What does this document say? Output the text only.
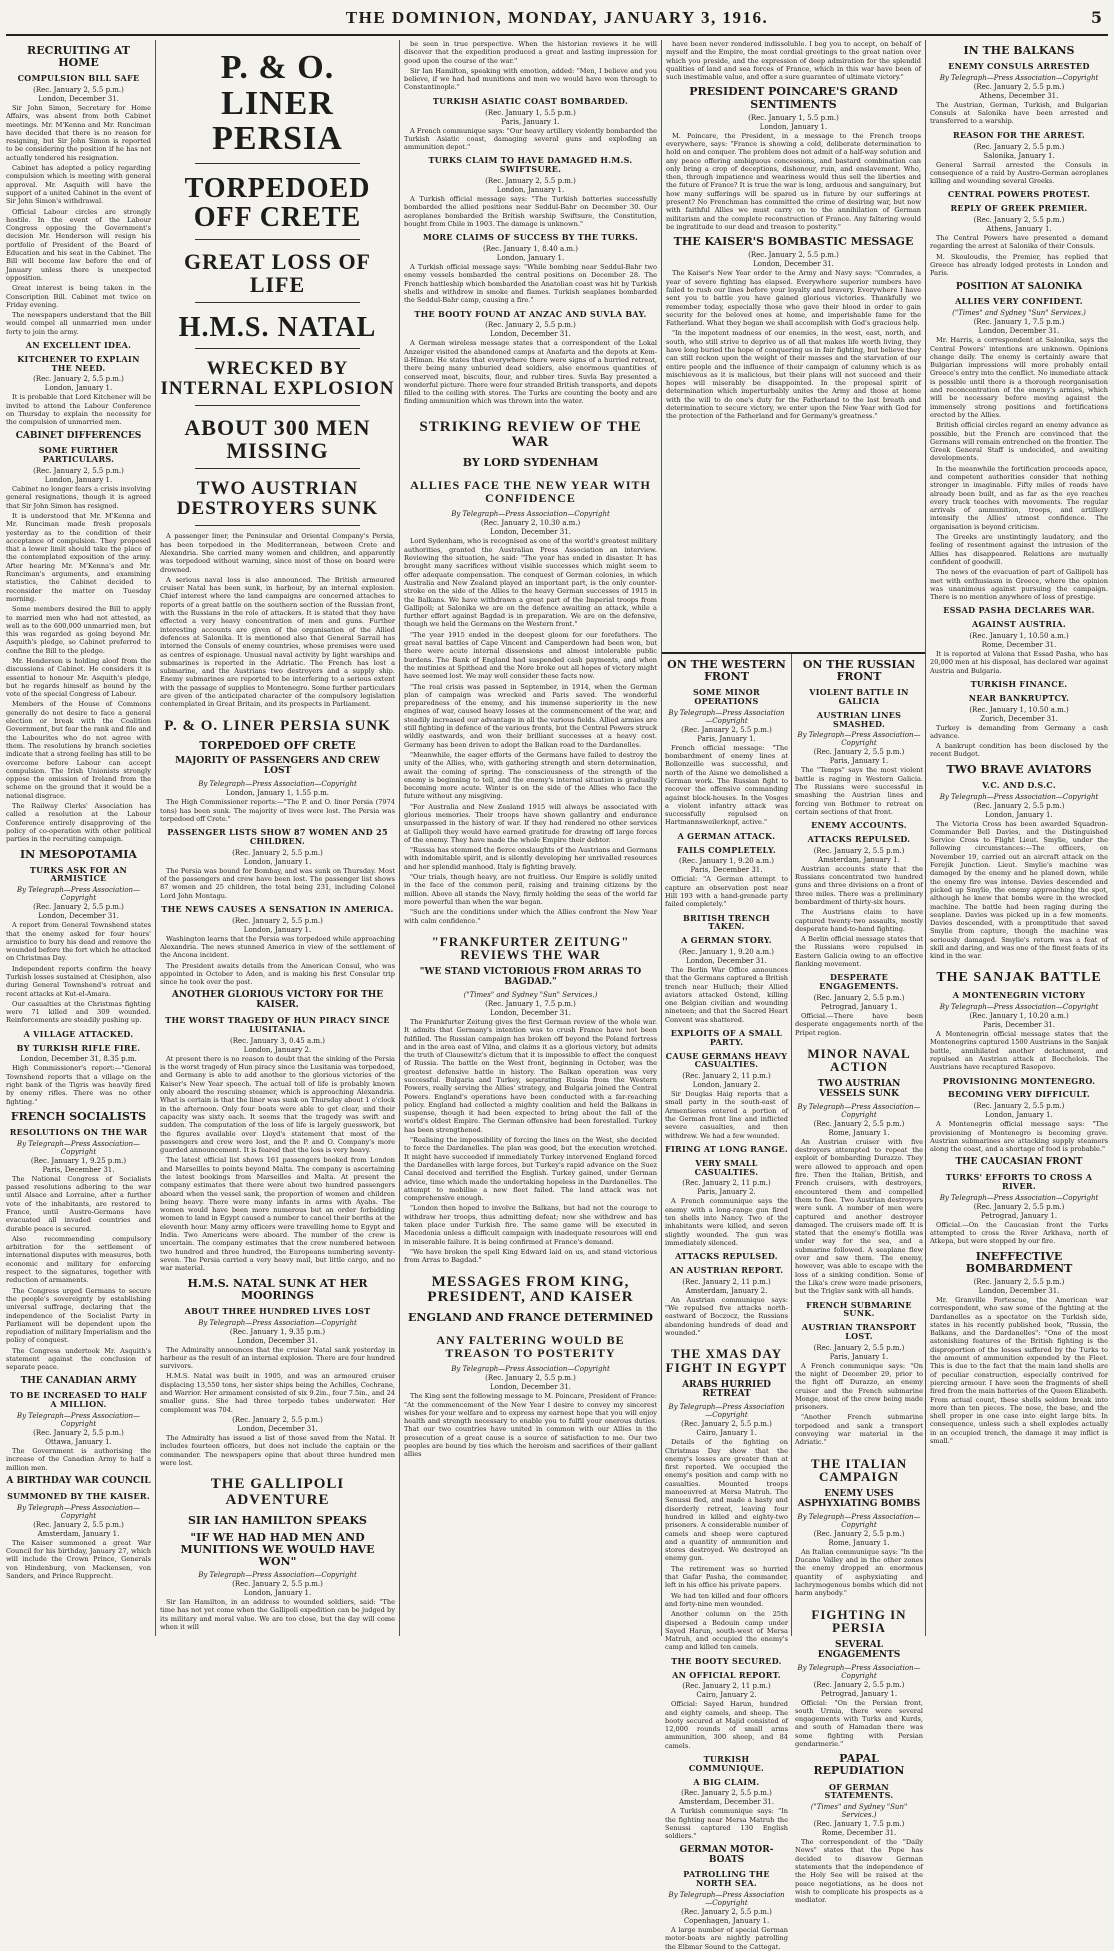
THE DOMINION, MONDAY, JANUARY 3, 1916.	5
RECRUITING AT HOME
COMPULSION BILL SAFE
(Rec. January 2, 5.5 p.m.)
London, December 31.

Sir John Simon, Secretary for Home Affairs, was absent from both Cabinet meetings. Mr. M'Kenna and Mr. Runciman have decided that there is no reason for resigning, but Sir John Simon is reported to be considering the position if he has not actually tendered his resignation.

Cabinet has adopted a policy regarding compulsion which is meeting with general approval. Mr. Asquith will have the support of a united Cabinet in the event of Sir John Simon's withdrawal.

Official Labour circles are strongly hostile. In the event of the Labour Congress opposing the Government's decision Mr. Henderson will resign his portfolio of President of the Board of Education and his seat in the Cabinet. The Bill will become law before the end of January unless there is unexpected opposition.

Great interest is being taken in the Conscription Bill. Cabinet met twice on Friday evening.

The newspapers understand that the Bill would compel all unmarried men under forty to join the army.

AN EXCELLENT IDEA.
KITCHENER TO EXPLAIN THE NEED.
(Rec. January 2, 5.5 p.m.)
London, January 1.

It is probable that Lord Kitchener will be invited to attend the Labour Conference on Thursday to explain the necessity for the compulsion of unmarried men.

CABINET DIFFERENCES
SOME FURTHER PARTICULARS.
(Rec. January 2, 5.5 p.m.)
London, January 1.

Cabinet no longer fears a crisis involving general resignations, though it is agreed that Sir John Simon has resigned.

It is understood that Mr. M'Kenna and Mr. Runciman made fresh proposals yesterday as to the condition of their acceptance of compulsion. They proposed that a lower limit should take the place of the contemplated exposition of the army. After hearing Mr. M'Kenna's and Mr. Runciman's arguments, and examining statistics, the Cabinet decided to reconsider the matter on Tuesday morning.

Some members desired the Bill to apply to married men who had not attested, as well as to the 600,000 unmarried men, but this was regarded as going beyond Mr. Asquith's pledge, so Cabinet preferred to confine the Bill to the pledge.

Mr. Henderson is holding aloof from the discussions of Cabinet. He considers it is essential to honour Mr. Asquith's pledge, but he regards himself as bound by the vote of the special Congress of Labour.

Members of the House of Commons generally do not desire to face a general election or break with the Coalition Government, but fear the rank and file and the Labourites who do not agree with them. The resolutions by branch societies indicate that a strong feeling has still to be overcome before Labour can accept compulsion. The Irish Unionists strongly oppose the omission of Ireland from the scheme on the ground that it would be a national disgrace.

The Railway Clerks' Association has called a resolution at the Labour Conference entirely disapproving of the policy of co-operation with other political parties in the recruiting campaign.

IN MESOPOTAMIA
TURKS ASK FOR AN ARMISTICE
By Telegraph—Press Association—Copyright
(Rec. January 2, 5.5 p.m.)
London, December 31.

A report from General Townshend states that the enemy asked for four hours' armistice to bury his dead and remove the wounded before the fort which he attacked on Christmas Day.

Independent reports confirm the heavy Turkish losses sustained at Ctesiphon, also during General Townshend's retreat and recent attacks at Kut-el-Amara.

Our casualties at the Christmas fighting were 71 killed and 309 wounded. Reinforcements are steadily pushing up.

A VILLAGE ATTACKED.
BY TURKISH RIFLE FIRE.
London, December 31, 8.35 p.m.

High Commissioner's report:—"General Townshend reports that a village on the right bank of the Tigris was heavily fired by enemy rifles. There was no other fighting."

FRENCH SOCIALISTS
RESOLUTIONS ON THE WAR
By Telegraph—Press Association—Copyright
(Rec. January 1, 9.25 p.m.)
Paris, December 31.

The National Congress of Socialists passed resolutions adhering to the war until Alsace and Lorraine, after a further vote of the inhabitants, are restored to France, until Austro-Germans have evacuated all invaded countries and durable peace is secured.

Also recommending compulsory arbitration for the settlement of international disputes with measures, both economic and military for enforcing respect to the signatures, together with reduction of armaments.

The Congress urged Germans to secure the people's sovereignty by establishing universal suffrage, declaring that the independence of the Socialist Party in Parliament will be dependent upon the repudiation of military Imperialism and the policy of conquest.

The Congress undertook Mr. Asquith's statement against the conclusion of separate peace.

THE CANADIAN ARMY
TO BE INCREASED TO HALF A MILLION.
By Telegraph—Press Association—Copyright
(Rec. January 2, 5.5 p.m.)
Ottawa, January 1.

The Government is authorising the increase of the Canadian Army to half a million men.

A BIRTHDAY WAR COUNCIL
SUMMONED BY THE KAISER.
By Telegraph—Press Association—Copyright
(Rec. January 2, 5.5 p.m.)
Amsterdam, January 1.

The Kaiser summoned a great War Council for his birthday, January 27, which will include the Crown Prince, Generals von Hindenburg, von Mackensen, von Sanders, and Prince Rupprecht.

P. & O. LINER PERSIA
TORPEDOED OFF CRETE
GREAT LOSS OF LIFE
H.M.S. NATAL
WRECKED BY INTERNAL EXPLOSION
ABOUT 300 MEN MISSING
TWO AUSTRIAN DESTROYERS SUNK

A passenger liner, the Peninsular and Oriental Company's Persia, has been torpedoed in the Mediterranean, between Crete and Alexandria. She carried many women and children, and apparently was torpedoed without warning, since most of those on board were drowned.

A serious naval loss is also announced. The British armoured cruiser Natal has been sunk, in harbour, by an internal explosion. Chief interest where the land campaigns are concerned attaches to reports of a great battle on the southern section of the Russian front, with the Russians in the role of attackers. It is stated that they have effected a very heavy concentration of men and guns. Further interesting accounts are given of the organisation of the Allied defences at Salonika. It is mentioned also that General Sarrail has interned the Consuls of enemy countries, whose premises were used as centres of espionage. Unusual naval activity by light warships and submarines is reported in the Adriatic. The French has lost a submarine, and the Austrians two destroyers and a supply ship. Enemy submarines are reported to be interfering to a serious extent with the passage of supplies to Montenegro. Some further particulars are given of the anticipated character of the compulsory legislation contemplated in Great Britain, and its prospects in Parliament.

P. & O. LINER PERSIA SUNK
TORPEDOED OFF CRETE
MAJORITY OF PASSENGERS AND CREW LOST
By Telegraph—Press Association—Copyright
London, January 1, 1.55 p.m.

The High Commissioner reports:—"The P. and O. liner Persia (7974 tons) has been sunk. The majority of lives were lost. The Persia was torpedoed off Crete."

PASSENGER LISTS SHOW 87 WOMEN AND 25 CHILDREN.
(Rec. January 2, 5.5 p.m.)
London, January 1.

The Persia was bound for Bombay, and was sunk on Thursday. Most of the passengers and crew have been lost. The passenger list shows 87 women and 25 children, the total being 231, including Colonel Lord John Montagu.

THE NEWS CAUSES A SENSATION IN AMERICA.
(Rec. January 2, 5.5 p.m.)
London, January 1.

Washington learns that the Persia was torpedoed while approaching Alexandria. The news stunned America in view of the settlement of the Ancona incident.

The President awaits details from the American Consul, who was appointed in October to Aden, and is making his first Consular trip since he took over the post.

ANOTHER GLORIOUS VICTORY FOR THE KAISER.
THE WORST TRAGEDY OF HUN PIRACY SINCE LUSITANIA.
(Rec. January 3, 0.45 a.m.)
London, January 2.

At present there is no reason to doubt that the sinking of the Persia is the worst tragedy of Hun piracy since the Lusitania was torpedoed, and Germany is able to add another to the glorious victories of the Kaiser's New Year speech. The actual toll of life is probably known only aboard the rescuing steamer, which is approaching Alexandria. What is certain is that the liner was sunk on Thursday about 1 o'clock in the afternoon. Only four boats were able to get clear, and their capacity was sixty each. It seems that the tragedy was swift and sudden. The computation of the loss of life is largely guesswork, but the figures available over Lloyd's statement that most of the passengers and crew were lost, and the P. and O. Company's more guarded announcement. It is feared that the loss is very heavy.

The latest official list shows 161 passengers booked from London and Marseilles to points beyond Malta. The company is ascertaining the latest bookings from Marseilles and Malta. At present the company estimates that there were about two hundred passengers aboard when the vessel sank, the proportion of women and children being heavy. There were many infants in arms with Ayahs. The women would have been more numerous but an order forbidding women to land in Egypt caused a number to cancel their berths at the eleventh hour. Many army officers were travelling home to Egypt and India. Two Americans were aboard. The number of the crew is uncertain. The company estimates that the crew numbered between two hundred and three hundred, the Europeans numbering seventy-seven. The Persia carried a very heavy mail, but little cargo, and no war material.

H.M.S. NATAL SUNK AT HER MOORINGS
ABOUT THREE HUNDRED LIVES LOST
By Telegraph—Press Association—Copyright
(Rec. January 1, 9.35 p.m.)
London, December 31.

The Admiralty announces that the cruiser Natal sank yesterday in harbour as the result of an internal explosion. There are four hundred survivors.

H.M.S. Natal was built in 1905, and was an armoured cruiser displacing 13,550 tons, her sister ships being the Achilles, Cochrane, and Warrior. Her armament consisted of six 9.2in., four 7.5in., and 24 smaller guns. She had three torpedo tubes underwater. Her complement was 704.

(Rec. January 2, 5.5 p.m.)
London, December 31.

The Admiralty has issued a list of those saved from the Natal. It includes fourteen officers, but does not include the captain or the commander. The newspapers opine that about three hundred men were lost.

THE GALLIPOLI ADVENTURE
SIR IAN HAMILTON SPEAKS
"IF WE HAD HAD MEN AND MUNITIONS WE WOULD HAVE WON"
By Telegraph—Press Association—Copyright
(Rec. January 2, 5.5 p.m.)
London, January 1.

Sir Ian Hamilton, in an address to wounded soldiers, said: "The time has not yet come when the Gallipoli expedition can be judged by its military and moral value. We are too close, but the day will come when it will

be seen in true perspective. When the historian reviews it he will discover that the expedition produced a great and lasting impression for good upon the course of the war."

Sir Ian Hamilton, speaking with emotion, added: "Men, I believe and you believe, if we had had munitions and men we would have won through to Constantinople."

TURKISH ASIATIC COAST BOMBARDED.
(Rec. January 1, 5.5 p.m.)
Paris, January 1.

A French communique says: "Our heavy artillery violently bombarded the Turkish Asiatic coast, damaging several guns and exploding an ammunition depot."

TURKS CLAIM TO HAVE DAMAGED H.M.S. SWIFTSURE.
(Rec. January 2, 5.5 p.m.)
London, January 1.

A Turkish official message says: "The Turkish batteries successfully bombarded the allied positions near Seddul-Bahr on December 30. Our aeroplanes bombarded the British warship Swiftsure, the Constitution, bought from Chile in 1903. The damage is unknown."

MORE CLAIMS OF SUCCESS BY THE TURKS.
(Rec. January 1, 8.40 a.m.)
London, January 1.

A Turkish official message says: "While bombing near Seddul-Bahr two enemy vessels bombarded the central positions on December 28. The French battleship which bombarded the Anatolian coast was hit by Turkish shells and withdrew in smoke and flames. Turkish seaplanes bombarded the Seddul-Bahr camp, causing a fire."

THE BOOTY FOUND AT ANZAC AND SUVLA BAY.
(Rec. January 2, 5.5 p.m.)
London, December 31.

A German wireless message states that a correspondent of the Lokal Anzeiger visited the abandoned camps at Anafarta and the depots at Kem-il-Himan. He states that everywhere there were signs of a hurried retreat, there being many unburied dead soldiers, also enormous quantities of conserved meat, biscuits, flour, and rubber tires. Suvla Bay presented a wonderful picture. There were four stranded British transports, and depots filled to the ceiling with stores. The Turks are counting the booty and are finding ammunition which was thrown into the water.

STRIKING REVIEW OF THE WAR
BY LORD SYDENHAM
ALLIES FACE THE NEW YEAR WITH CONFIDENCE
By Telegraph—Press Association—Copyright
(Rec. January 2, 10.30 a.m.)
London, December 31.

Lord Sydenham, who is recognised as one of the world's greatest military authorities, granted the Australian Press Association an interview. Reviewing the situation, he said: "The year has ended in disaster. It has brought many sacrifices without visible successes which might seem to offer adequate compensation. The conquest of German colonies, in which Australia and New Zealand played an important part, is the only counter-stroke on the side of the Allies to the heavy German successes of 1915 in the Balkans. We have withdrawn a great part of the Imperial troops from Gallipoli; at Salonika we are on the defence awaiting an attack, while a further effort against Bagdad is in preparation. We are on the defensive, though we held the Germans on the Western front."

"The year 1915 ended in the deepest gloom for our forefathers. The great naval battles of Cape Vincent and Camperdown had been won, but there were acute internal dissensions and almost intolerable public burdens. The Bank of England had suspended cash payments, and when the mutinies at Spithead and the Nore broke out all hopes of victory might have seemed lost. We may well consider these facts now.

"The real crisis was passed in September, in 1914, when the German plan of campaign was wrecked and Paris saved. The wonderful preparedness of the enemy, and his immense superiority in the new engines of war, caused heavy losses at the commencement of the war, and steadily increased our advantage in all the various fields. Allied armies are still fighting in defence of the various fronts, but the Central Powers struck wildly eastwards, and won their brilliant successes at a heavy cost. Germany has been driven to adopt the Balkan road to the Dardanelles.

"Meanwhile, the eager efforts of the Germans have failed to destroy the unity of the Allies, who, with gathering strength and stern determination, await the coming of spring. The consciousness of the strength of the enemy is beginning to tell, and the enemy's internal situation is gradually becoming more acute. Winter is on the side of the Allies who face the future without any misgiving.

"For Australia and New Zealand 1915 will always be associated with glorious memories. Their troops have shown gallantry and endurance unsurpassed in the history of war. If they had rendered no other services at Gallipoli they would have earned gratitude for drawing off large forces of the enemy. They have made the whole Empire their debtor.

"Russia has stemmed the fierce onslaughts of the Austrians and Germans with indomitable spirit, and is silently developing her unrivalled resources and her splendid manhood. Italy is fighting bravely.

"Our trials, though heavy, are not fruitless. Our Empire is solidly united in the face of the common peril, raising and training citizens by the million. Above all stands the Navy, firmly holding the seas of the world far more powerful than when the war began.

"Such are the conditions under which the Allies confront the New Year with calm confidence."

"FRANKFURTER ZEITUNG" REVIEWS THE WAR
"WE STAND VICTORIOUS FROM ARRAS TO BAGDAD."
("Times" and Sydney "Sun" Services.)
(Rec. January 1, 7.5 p.m.)
London, December 31.

The Frankfurter Zeitung gives the first German review of the whole war. It admits that Germany's intention was to crush France have not been fulfilled. The Russian campaign has broken off beyond the Poland fortress and in the area east of Vilna, and claims it as a glorious victory, but admits the truth of Clausewitz's dictum that it is impossible to effect the conquest of Russia. The battle on the West front, beginning in October, was the greatest defensive battle in history. The Balkan operation was very successful. Bulgaria and Turkey, separating Russia from the Western Powers, really serving the Allies' strategy, and Bulgaria joined the Central Powers. England's operations have been conducted with a far-reaching policy. England had collected a mighty coalition and held the Balkans in suspense, though it had been expected to bring about the fall of the world's oldest Empire. The German offensive had been forestalled. Turkey has been strengthened.

"Realising the impossibility of forcing the lines on the West, she decided to force the Dardanelles. The plan was good, but the execution wretched. It might have succeeded if immediately Turkey intervened England forced the Dardanelles with large forces, but Turkey's rapid advance on the Suez Canal deceived and terrified the English. Turkey gained, under German advice, time which made the undertaking hopeless in the Dardanelles. The attempt to mobilise a new fleet failed. The land attack was not comprehensive enough.

"London then hoped to involve the Balkans, but had not the courage to withdraw her troops, thus admitting defeat; now she withdrew and has taken place under Turkish fire. The same game will be executed in Macedonia unless a difficult campaign with inadequate resources will end in miserable failure. It is being confirmed at France's demand.

"We have broken the spell King Edward laid on us, and stand victorious from Arras to Bagdad."

MESSAGES FROM KING, PRESIDENT, AND KAISER
ENGLAND AND FRANCE DETERMINED
ANY FALTERING WOULD BE TREASON TO POSTERITY
By Telegraph—Press Association—Copyright
(Rec. January 2, 5.5 p.m.)
London, December 31.

The King sent the following message to M. Poincare, President of France: "At the commencement of the New Year I desire to convey my sincerest wishes for your welfare and to express my earnest hope that you will enjoy health and strength necessary to enable you to fulfil your onerous duties. That our two countries have united in common with our Allies in the prosecution of a great cause is a source of satisfaction to me. Our two peoples are bound by ties which the heroism and sacrifices of their gallant allies

have been never rendered indissoluble. I beg you to accept, on behalf of myself and the Empire, the most cordial greetings to the great nation over which you preside, and the expression of deep admiration for the splendid qualities of land and sea forces of France, which in this war have been of such inestimable value, and offer a sure guarantee of ultimate victory."

PRESIDENT POINCARE'S GRAND SENTIMENTS
(Rec. January 1, 5.5 p.m.)
London, January 1.

M. Poincare, the President, in a message to the French troops everywhere, says: "France is showing a cold, deliberate determination to hold on and conquer. The problem does not admit of a half-way solution and any peace offering ambiguous concessions, and bastard combination can only bring a crop of deceptions, dishonour, ruin, and enslavement. Who, then, through impatience and weariness would thus sell the liberties and the future of France? It is true the war is long, arduous and sanguinary, but how many sufferings will be spared us in future by our sufferings at present? No Frenchman has committed the crime of desiring war, but now with faithful Allies we must carry on to the annihilation of German militarism and the complete reconstruction of France. Any faltering would be ingratitude to our dead and treason to posterity."

THE KAISER'S BOMBASTIC MESSAGE
(Rec. January 2, 5.5 p.m.)
London, December 31.

The Kaiser's New Year order to the Army and Navy says: "Comrades, a year of severe fighting has elapsed. Everywhere superior numbers have failed to rush our lines before your loyalty and bravery. Everywhere I have sent you to battle you have gained glorious victories. Thankfully we remember today, especially those who gave their blood in order to gain security for the beloved ones at home, and imperishable fame for the Fatherland. What they began we shall accomplish with God's gracious help.

"In the impotent madness of our enemies, in the west, east, north, and south, who still strive to deprive us of all that makes life worth living, they have long buried the hope of conquering us in fair fighting, but believe they can still reckon upon the weight of their masses and the starvation of our entire people and the influence of their campaign of calumny which is as mischievous as it is malicious, but their plans will not succeed and their hopes will miserably be disappointed. In the proposal spirit of determination which imperturbably unites the Army and those at home with the will to do one's duty for the Fatherland to the last breath and determination to secure victory, we enter upon the New Year with God for the protection of the Fatherland and for Germany's greatness."

ON THE WESTERN FRONT
SOME MINOR OPERATIONS
By Telegraph—Press Association—Copyright
(Rec. January 2, 5.5 p.m.)
Paris, January 1.

French official message: "The bombardment of enemy lines at Bollonzeille was successful, and north of the Aisne we demolished a German work. The Russian fight to recover the offensive commanding against block-houses. In the Vosges a violent infantry attack was successfully repulsed on Hartmannsweilerkopf, active."

A GERMAN ATTACK.
FAILS COMPLETELY.
(Rec. January 1, 9.20 a.m.)
Paris, December 31.

Official: "A German attempt to capture an observation post near Hill 193 with a hand-grenade party failed completely."

BRITISH TRENCH TAKEN.
A GERMAN STORY.
(Rec. January 1, 9.20 a.m.)
London, December 31.

The Berlin War Office announces that the Germans captured a British trench near Hulluch; their Allied aviators attacked Ostend, killing one Belgian civilian and wounding nineteen; and that the Sacred Heart Convent was shattered.

EXPLOITS OF A SMALL PARTY.
CAUSE GERMANS HEAVY CASUALTIES.
(Rec. January 2, 11 p.m.)
London, January 2.

Sir Douglas Haig reports that a small party in the south-east of Armentieres entered a portion of the German front line and inflicted severe casualties, and then withdrew. We had a few wounded.

FIRING AT LONG RANGE.
VERY SMALL CASUALTIES.
(Rec. January 2, 11 p.m.)
Paris, January 2.

A French communique says the enemy with a long-range gun fired ten shells into Nancy. Two of the inhabitants were killed, and seven slightly wounded. The gun was immediately silenced.

ATTACKS REPULSED.
AN AUSTRIAN REPORT.
(Rec. January 2, 11 p.m.)
Amsterdam, January 2.

An Austrian communique says: "We repulsed five attacks north-eastward of Boczocz, the Russians abandoning hundreds of dead and wounded."

THE XMAS DAY FIGHT IN EGYPT
ARABS HURRIED RETREAT
By Telegraph—Press Association—Copyright
(Rec. January 2, 5.5 p.m.)
Cairo, January 1.

Details of the fighting on Christmas Day show that the enemy's losses are greater than at first reported. We occupied the enemy's position and camp with no casualties. Mounted troops manoeuvred at Mersa Matruh. The Senussi fled, and made a hasty and disorderly retreat, leaving four hundred in killed and eighty-two prisoners. A considerable number of camels and sheep were captured and a quantity of ammunition and stores destroyed. We destroyed an enemy gun.

The retirement was so hurried that Gafar Pasha, the commander, left in his office his private papers.

We had ten killed and four officers and forty-nine men wounded.

Another column on the 25th dispersed a Bedouin camp under Sayed Harun, south-west of Mersa Matruh, and occupied the enemy's camp and killed ten camels.

THE BOOTY SECURED.
AN OFFICIAL REPORT.
(Rec. January 2, 11 p.m.)
Cairo, January 2.

Official: Sayed Harun, hundred and eighty camels, and sheep. The booty secured at Majid consisted of 12,000 rounds of small arms ammunition, 300 sheep, and 84 camels.

TURKISH COMMUNIQUE.
A BIG CLAIM.
(Rec. January 2, 5.5 p.m.)
Amsterdam, December 31.

A Turkish communique says: "In the fighting near Mersa Matruh the Senussi captured 130 English soldiers."

GERMAN MOTOR-BOATS
PATROLLING THE NORTH SEA.
By Telegraph—Press Association—Copyright
(Rec. January 2, 5.5 p.m.)
Copenhagen, January 1.

A large number of special German motor-boats are nightly patrolling the Elbmar Sound to the Cattegat.

ON THE RUSSIAN FRONT
VIOLENT BATTLE IN GALICIA
AUSTRIAN LINES SMASHED.
By Telegraph—Press Association—Copyright
(Rec. January 2, 5.5 p.m.)
Paris, January 1.

The "Temps" says the most violent battle is raging in Western Galicia. The Russians were successful in smashing the Austrian lines and forcing von Bothmer to retreat on certain sections of that front.

ENEMY ACCOUNTS.
ATTACKS REPULSED.
(Rec. January 2, 5.5 p.m.)
Amsterdam, January 1.

Austrian accounts state that the Russians concentrated two hundred guns and three divisions on a front of three miles. There was a preliminary bombardment of thirty-six hours.

The Austrians claim to have captured twenty-two assaults, mostly desperate hand-to-hand fighting.

A Berlin official message states that the Russians were repulsed in Eastern Galicia owing to an effective flanking movement.

DESPERATE ENGAGEMENTS.
(Rec. January 2, 5.5 p.m.)
Petrograd, January 1.

Official.—There have been desperate engagements north of the Pripet region.

MINOR NAVAL ACTION
TWO AUSTRIAN VESSELS SUNK
By Telegraph—Press Association—Copyright
(Rec. January 2, 5.5 p.m.)
Rome, January 1.

An Austrian cruiser with five destroyers attempted to repeat the exploit of bombarding Durazzo. They were allowed to approach and open fire. Then the Italian, British, and French cruisers, with destroyers, encountered them and compelled them to flee. Two Austrian destroyers were sunk. A number of men were captured and another destroyer damaged. The cruisers made off. It is stated that the enemy's flotilla was under way for the sea, and a submarine followed. A seaplane flew over and saw them. The enemy, however, was able to escape with the loss of a sinking condition. Some of the Lika's crew were made prisoners, but the Triglav sank with all hands.

FRENCH SUBMARINE SUNK.
AUSTRIAN TRANSPORT LOST.
(Rec. January 2, 5.5 p.m.)
Paris, January 1.

A French communique says: "On the night of December 29, prior to the fight off Durazzo, an enemy cruiser and the French submarine Monge, most of the crew being made prisoners.

"Another French submarine torpedoed and sank a transport conveying war material in the Adriatic."

THE ITALIAN CAMPAIGN
ENEMY USES ASPHYXIATING BOMBS
By Telegraph—Press Association—Copyright
(Rec. January 2, 5.5 p.m.)
Rome, January 1.

An Italian communique says: "In the Ducano Valley and in the other zones the enemy dropped an enormous quantity of asphyxiating and lachrymogenous bombs which did not harm anybody."

FIGHTING IN PERSIA
SEVERAL ENGAGEMENTS
By Telegraph—Press Association—Copyright
(Rec. January 2, 5.5 p.m.)
Petrograd, January 1.

Official: "On the Persian front, south Urmia, there were several engagements with Turks and Kurds, and south of Hamadan there was some fighting with Persian gendarmerie."

PAPAL REPUDIATION
OF GERMAN STATEMENTS.
("Times" and Sydney "Sun" Services.)
(Rec. January 1, 7.5 p.m.)
Rome, December 31.

The correspondent of the "Daily News" states that the Pope has decided to disavow German statements that the independence of the Holy See will be raised at the peace negotiations, as he does not wish to complicate his prospects as a mediator.

IN THE BALKANS
ENEMY CONSULS ARRESTED
By Telegraph—Press Association—Copyright
(Rec. January 2, 5.5 p.m.)
Athens, December 31.

The Austrian, German, Turkish, and Bulgarian Consuls at Salonika have been arrested and transferred to a warship.

REASON FOR THE ARREST.
(Rec. January 2, 5.5 p.m.)
Salonika, January 1.

General Sarrail arrested the Consuls in consequence of a raid by Austro-German aeroplanes killing and wounding several Greeks.

CENTRAL POWERS PROTEST.
REPLY OF GREEK PREMIER.
(Rec. January 2, 5.5 p.m.)
Athens, January 1.

The Central Powers have presented a demand regarding the arrest at Salonika of their Consuls.

M. Skouloudis, the Premier, has replied that Greece has already lodged protests in London and Paris.

POSITION AT SALONIKA
ALLIES VERY CONFIDENT.
("Times" and Sydney "Sun" Services.)
(Rec. January 1, 7.5 p.m.)
London, December 31.

Mr. Harris, a correspondent at Salonika, says the Central Powers' intentions are unknown. Opinions change daily. The enemy is certainly aware that Bulgarian impressions will more probably entail Greece's entry into the conflict. No immediate attack is possible until there is a thorough reorganisation and reconcentration of the enemy's armies, which will be necessary before moving against the immensely strong positions and fortifications erected by the Allies.

British official circles regard an enemy advance as possible, but the French are convinced that the Germans will remain entrenched on the frontier. The Greek General Staff is undecided, and awaiting developments.

In the meanwhile the fortification proceeds apace, and competent authorities consider that nothing stronger in imaginable. Fifty miles of roads have already been built, and as far as the eye reaches every track teaches with movements. The regular arrivals of ammunition, troops, and artillery intensify the Allies' utmost confidence. The organisation is beyond criticism.

The Greeks are unstintingly laudatory, and the feeling of resentment against the intrusion of the Allies has disappeared. Relations are mutually confident of goodwill.

The news of the evacuation of part of Gallipoli has met with enthusiasm in Greece, where the opinion was unanimous against pursuing the campaign. There is no mention anywhere of loss of prestige.

ESSAD PASHA DECLARES WAR.
AGAINST AUSTRIA.
(Rec. January 1, 10.50 a.m.)
Rome, December 31.

It is reported at Valona that Essad Pasha, who has 20,000 men at his disposal, has declared war against Austria and Bulgaria.

TURKISH FINANCE.
NEAR BANKRUPTCY.
(Rec. January 1, 10.50 a.m.)
Zurich, December 31.

Turkey is demanding from Germany a cash advance.

A bankrupt condition has been disclosed by the recent Budget.

TWO BRAVE AVIATORS
V.C. AND D.S.C.
By Telegraph—Press Association—Copyright
(Rec. January 2, 5.5 p.m.)
London, January 1.

The Victoria Cross has been awarded Squadron-Commander Bell Davies, and the Distinguished Service Cross to Flight Lieut. Smylie, under the following circumstances:—The officers, on November 19, carried out an aircraft attack on the Ferejik Junction. Lieut. Smylie's machine was damaged by the enemy and he planed down, while the enemy fire was intense. Davies descended and picked up Smylie, the enemy approaching the spot, although he knew that bombs were in the wrecked machine. The battle had been raging during the seaplane. Davies was picked up in a few moments. Davies descended, with a promptitude that saved Smylie from capture, though the machine was seriously damaged. Smylie's return was a feat of skill and daring, and was one of the finest feats of its kind in the war.

THE SANJAK BATTLE
A MONTENEGRIN VICTORY
By Telegraph—Press Association—Copyright
(Rec. January 1, 10.20 a.m.)
Paris, December 31.

A Montenegrin official message states that the Montenegrins captured 1500 Austrians in the Sanjak battle, annihilated another detachment, and repulsed an Austrian attack at Bocchelois. The Austrians have recaptured Rasopovo.

PROVISIONING MONTENEGRO.
BECOMING VERY DIFFICULT.
(Rec. January 2, 5.5 p.m.)
London, January 1.

A Montenegrin official message says: "The provisioning of Montenegro is becoming grave. Austrian submarines are attacking supply steamers along the coast, and a shortage of food is probable."

THE CAUCASIAN FRONT
TURKS' EFFORTS TO CROSS A RIVER.
By Telegraph—Press Association—Copyright
(Rec. January 2, 5.5 p.m.)
Petrograd, January 1.

Official.—On the Caucasian front the Turks attempted to cross the River Arkhava, north of Atkepa, but were stopped by our fire.

INEFFECTIVE BOMBARDMENT
(Rec. January 2, 5.5 p.m.)
London, December 31.

Mr. Granville Fortescue, the American war correspondent, who saw some of the fighting at the Dardanelles as a spectator on the Turkish side, states in his recently published book, "Russia, the Balkans, and the Dardanelles": "One of the most astonishing features of the British fighting is the disproportion of the losses suffered by the Turks to the amount of ammunition expended by the Fleet. This is due to the fact that the main land shells are of peculiar construction, especially contrived for piercing armour. I have seen the fragments of shell fired from the main batteries of the Queen Elizabeth. From actual count, these shells seldom break into more than ten pieces. The nose, the base, and the shell proper in one case into eight large bits. In consequence, unless such a shell explodes actually in an occupied trench, the damage it may inflict is small."
